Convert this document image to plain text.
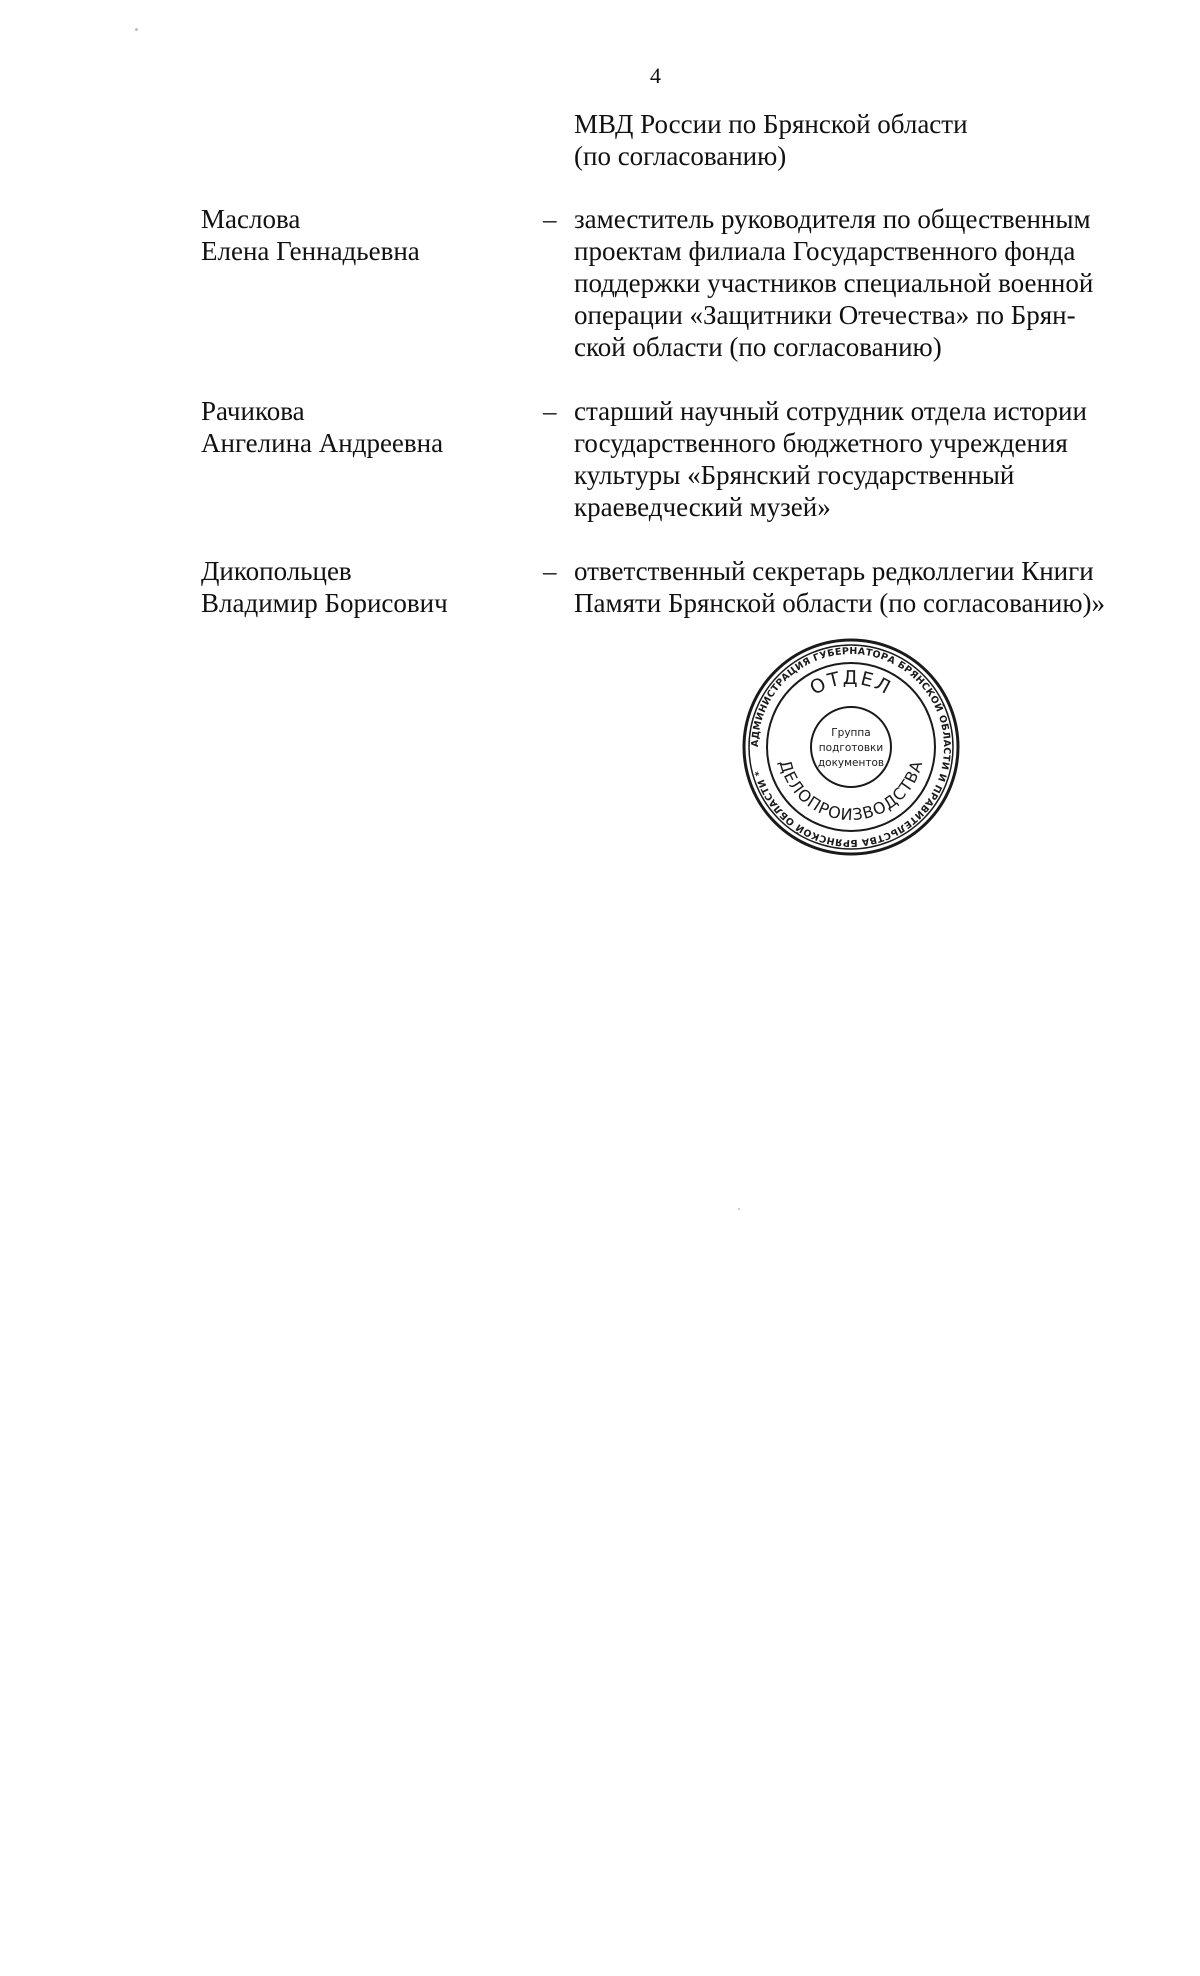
4
МВД России по Брянской области
(по согласованию)
Маслова
Елена Геннадьевна
– заместитель руководителя по общественным
проектам филиала Государственного фонда
поддержки участников специальной военной
операции «Защитники Отечества» по Брян-
ской области (по согласованию)
Рачикова
Ангелина Андреевна
– старший научный сотрудник отдела истории
государственного бюджетного учреждения
культуры «Брянский государственный
краеведческий музей»
Дикопольцев
Владимир Борисович
– ответственный секретарь редколлегии Книги
Памяти Брянской области (по согласованию)»
АДМИНИСТРАЦИЯ ГУБЕРНАТОРА БРЯНСКОЙ ОБЛАСТИ И ПРАВИТЕЛЬСТВА БРЯНСКОЙ ОБЛАСТИ *
ОТДЕЛ
ДЕЛОПРОИЗВОДСТВА
Группа
подготовки
документов
